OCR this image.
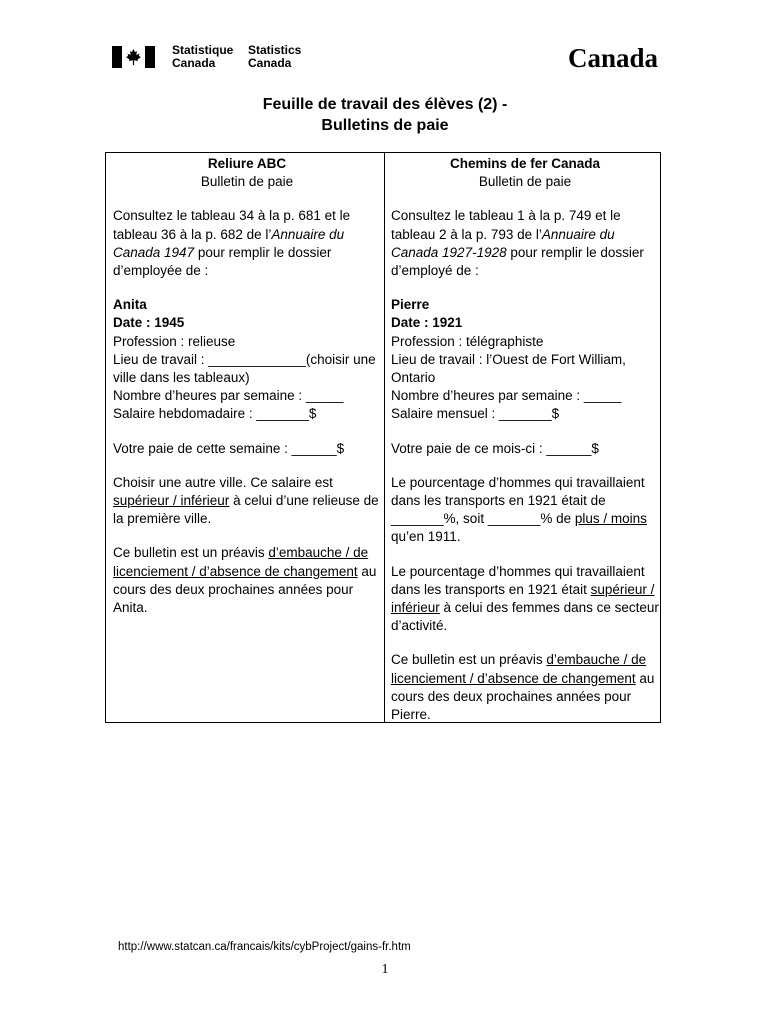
Statistique
Canada
Statistics
Canada	Canada
Feuille de travail des élèves (2) -
Bulletins de paie

Reliure ABC
Bulletin de paie

Consultez le tableau 34 à la p. 681 et le tableau 36 à la p. 682 de l’Annuaire du Canada 1947 pour remplir le dossier d’employée de :

Anita
Date : 1945
Profession : relieuse
Lieu de travail : _____________(choisir une ville dans les tableaux)
Nombre d’heures par semaine : _____
Salaire hebdomadaire : _______$

Votre paie de cette semaine : ______$

Choisir une autre ville. Ce salaire est supérieur / inférieur à celui d’une relieuse de la première ville.

Ce bulletin est un préavis d’embauche / de licenciement / d’absence de changement au cours des deux prochaines années pour Anita.

Chemins de fer Canada
Bulletin de paie

Consultez le tableau 1 à la p. 749 et le tableau 2 à la p. 793 de l’Annuaire du Canada 1927-1928 pour remplir le dossier d’employé de :

Pierre
Date : 1921
Profession : télégraphiste
Lieu de travail : l’Ouest de Fort William, Ontario
Nombre d’heures par semaine : _____
Salaire mensuel : _______$

Votre paie de ce mois-ci : ______$

Le pourcentage d’hommes qui travaillaient dans les transports en 1921 était de _______%, soit _______% de plus / moins qu’en 1911.

Le pourcentage d’hommes qui travaillaient dans les transports en 1921 était supérieur / inférieur à celui des femmes dans ce secteur d’activité.

Ce bulletin est un préavis d’embauche / de licenciement / d’absence de changement au cours des deux prochaines années pour Pierre.

http://www.statcan.ca/francais/kits/cybProject/gains-fr.htm
1
